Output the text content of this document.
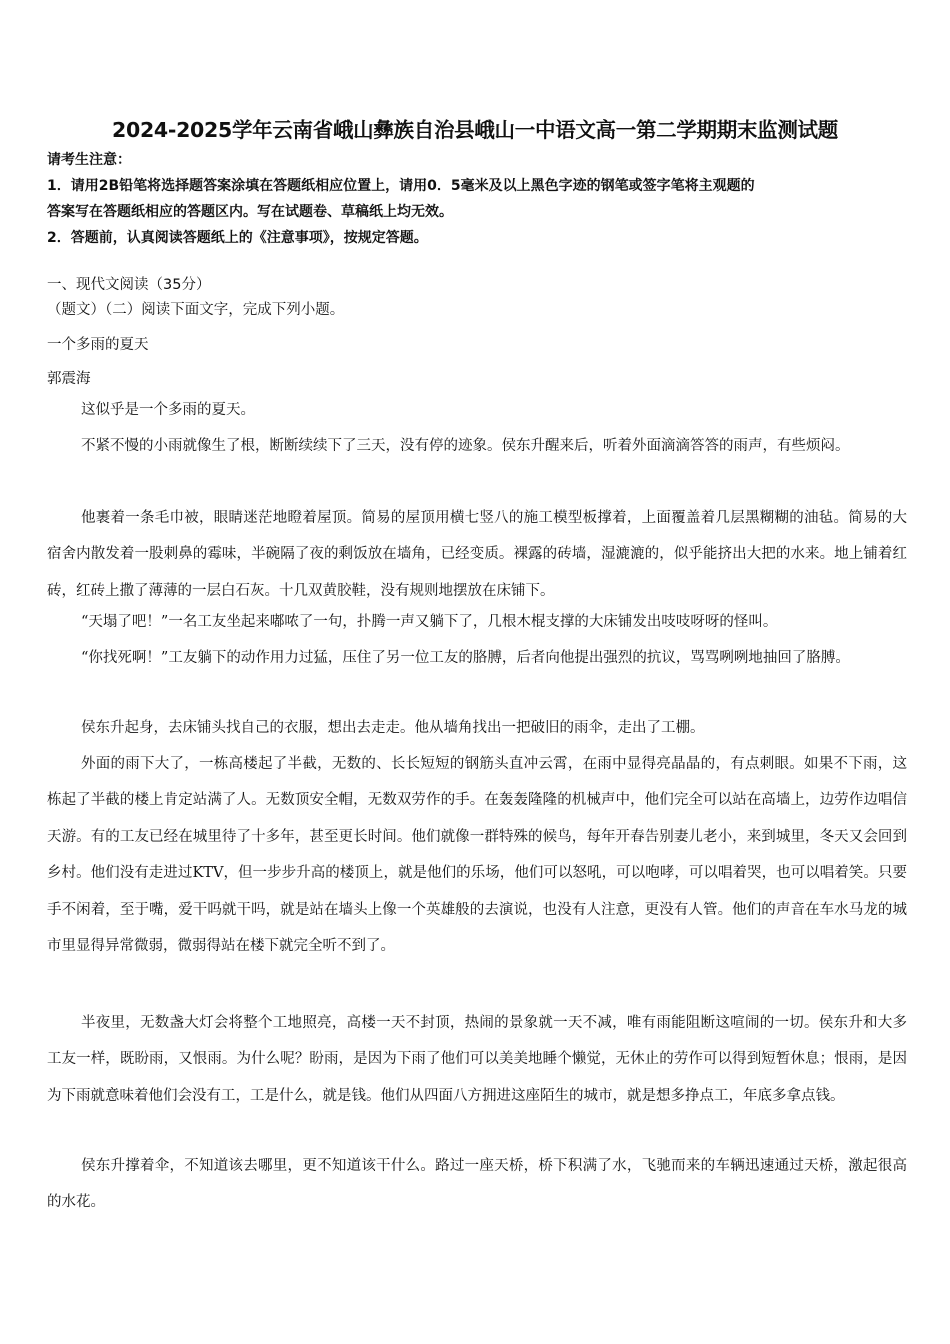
2024-2025学年云南省峨山彝族自治县峨山一中语文高一第二学期期末监测试题
请考生注意：
1．请用2B铅笔将选择题答案涂填在答题纸相应位置上，请用0．5毫米及以上黑色字迹的钢笔或签字笔将主观题的
答案写在答题纸相应的答题区内。写在试题卷、草稿纸上均无效。
2．答题前，认真阅读答题纸上的《注意事项》，按规定答题。
一、现代文阅读（35分）
（题文）（二）阅读下面文字，完成下列小题。
一个多雨的夏天
郭震海

这似乎是一个多雨的夏天。

不紧不慢的小雨就像生了根，断断续续下了三天，没有停的迹象。侯东升醒来后，听着外面滴滴答答的雨声，有些烦闷。

他裹着一条毛巾被，眼睛迷茫地瞪着屋顶。简易的屋顶用横七竖八的施工模型板撑着，上面覆盖着几层黑糊糊的油毡。简易的大宿舍内散发着一股刺鼻的霉味，半碗隔了夜的剩饭放在墙角，已经变质。裸露的砖墙，湿漉漉的，似乎能挤出大把的水来。地上铺着红砖，红砖上撒了薄薄的一层白石灰。十几双黄胶鞋，没有规则地摆放在床铺下。

“天塌了吧！”一名工友坐起来嘟哝了一句，扑腾一声又躺下了，几根木棍支撑的大床铺发出吱吱呀呀的怪叫。

“你找死啊！”工友躺下的动作用力过猛，压住了另一位工友的胳膊，后者向他提出强烈的抗议，骂骂咧咧地抽回了胳膊。

侯东升起身，去床铺头找自己的衣服，想出去走走。他从墙角找出一把破旧的雨伞，走出了工棚。

外面的雨下大了，一栋高楼起了半截，无数的、长长短短的钢筋头直冲云霄，在雨中显得亮晶晶的，有点刺眼。如果不下雨，这栋起了半截的楼上肯定站满了人。无数顶安全帽，无数双劳作的手。在轰轰隆隆的机械声中，他们完全可以站在高墙上，边劳作边唱信天游。有的工友已经在城里待了十多年，甚至更长时间。他们就像一群特殊的候鸟，每年开春告别妻儿老小，来到城里，冬天又会回到乡村。他们没有走进过KTV，但一步步升高的楼顶上，就是他们的乐场，他们可以怒吼，可以咆哮，可以唱着哭，也可以唱着笑。只要手不闲着，至于嘴，爱干吗就干吗，就是站在墙头上像一个英雄般的去演说，也没有人注意，更没有人管。他们的声音在车水马龙的城市里显得异常微弱，微弱得站在楼下就完全听不到了。

半夜里，无数盏大灯会将整个工地照亮，高楼一天不封顶，热闹的景象就一天不减，唯有雨能阻断这喧闹的一切。侯东升和大多工友一样，既盼雨，又恨雨。为什么呢？盼雨，是因为下雨了他们可以美美地睡个懒觉，无休止的劳作可以得到短暂休息；恨雨，是因为下雨就意味着他们会没有工，工是什么，就是钱。他们从四面八方拥进这座陌生的城市，就是想多挣点工，年底多拿点钱。

侯东升撑着伞，不知道该去哪里，更不知道该干什么。路过一座天桥，桥下积满了水，飞驰而来的车辆迅速通过天桥，激起很高的水花。
